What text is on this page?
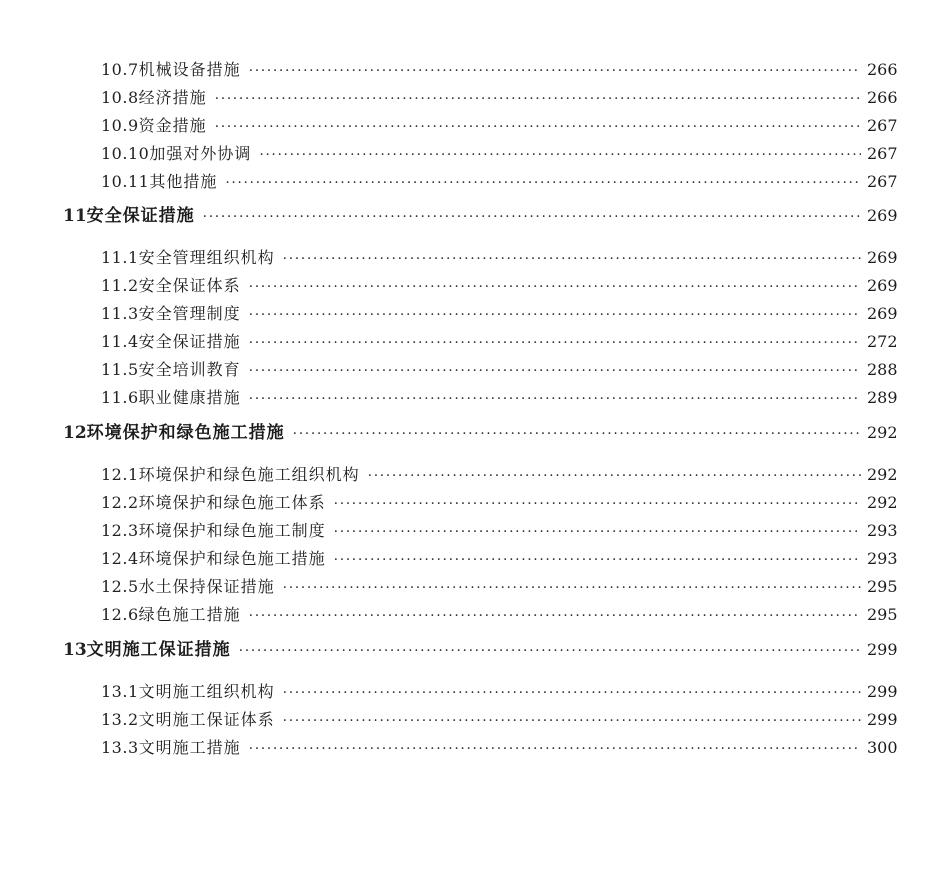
10.7 机械设备措施 ·····	266
10.8 经济措施 ·····	266
10.9 资金措施 ·····	267
10.10 加强对外协调 ·····	267
10.11 其他措施 ·····	267
11 安全保证措施 ·····	269
11.1 安全管理组织机构 ·····	269
11.2 安全保证体系 ·····	269
11.3 安全管理制度 ·····	269
11.4 安全保证措施 ·····	272
11.5 安全培训教育 ·····	288
11.6 职业健康措施 ·····	289
12 环境保护和绿色施工措施 ·····	292
12.1 环境保护和绿色施工组织机构 ·····	292
12.2 环境保护和绿色施工体系 ·····	292
12.3 环境保护和绿色施工制度 ·····	293
12.4 环境保护和绿色施工措施 ·····	293
12.5 水土保持保证措施 ·····	295
12.6 绿色施工措施 ·····	295
13 文明施工保证措施 ·····	299
13.1 文明施工组织机构 ·····	299
13.2 文明施工保证体系 ·····	299
13.3 文明施工措施 ·····	300
